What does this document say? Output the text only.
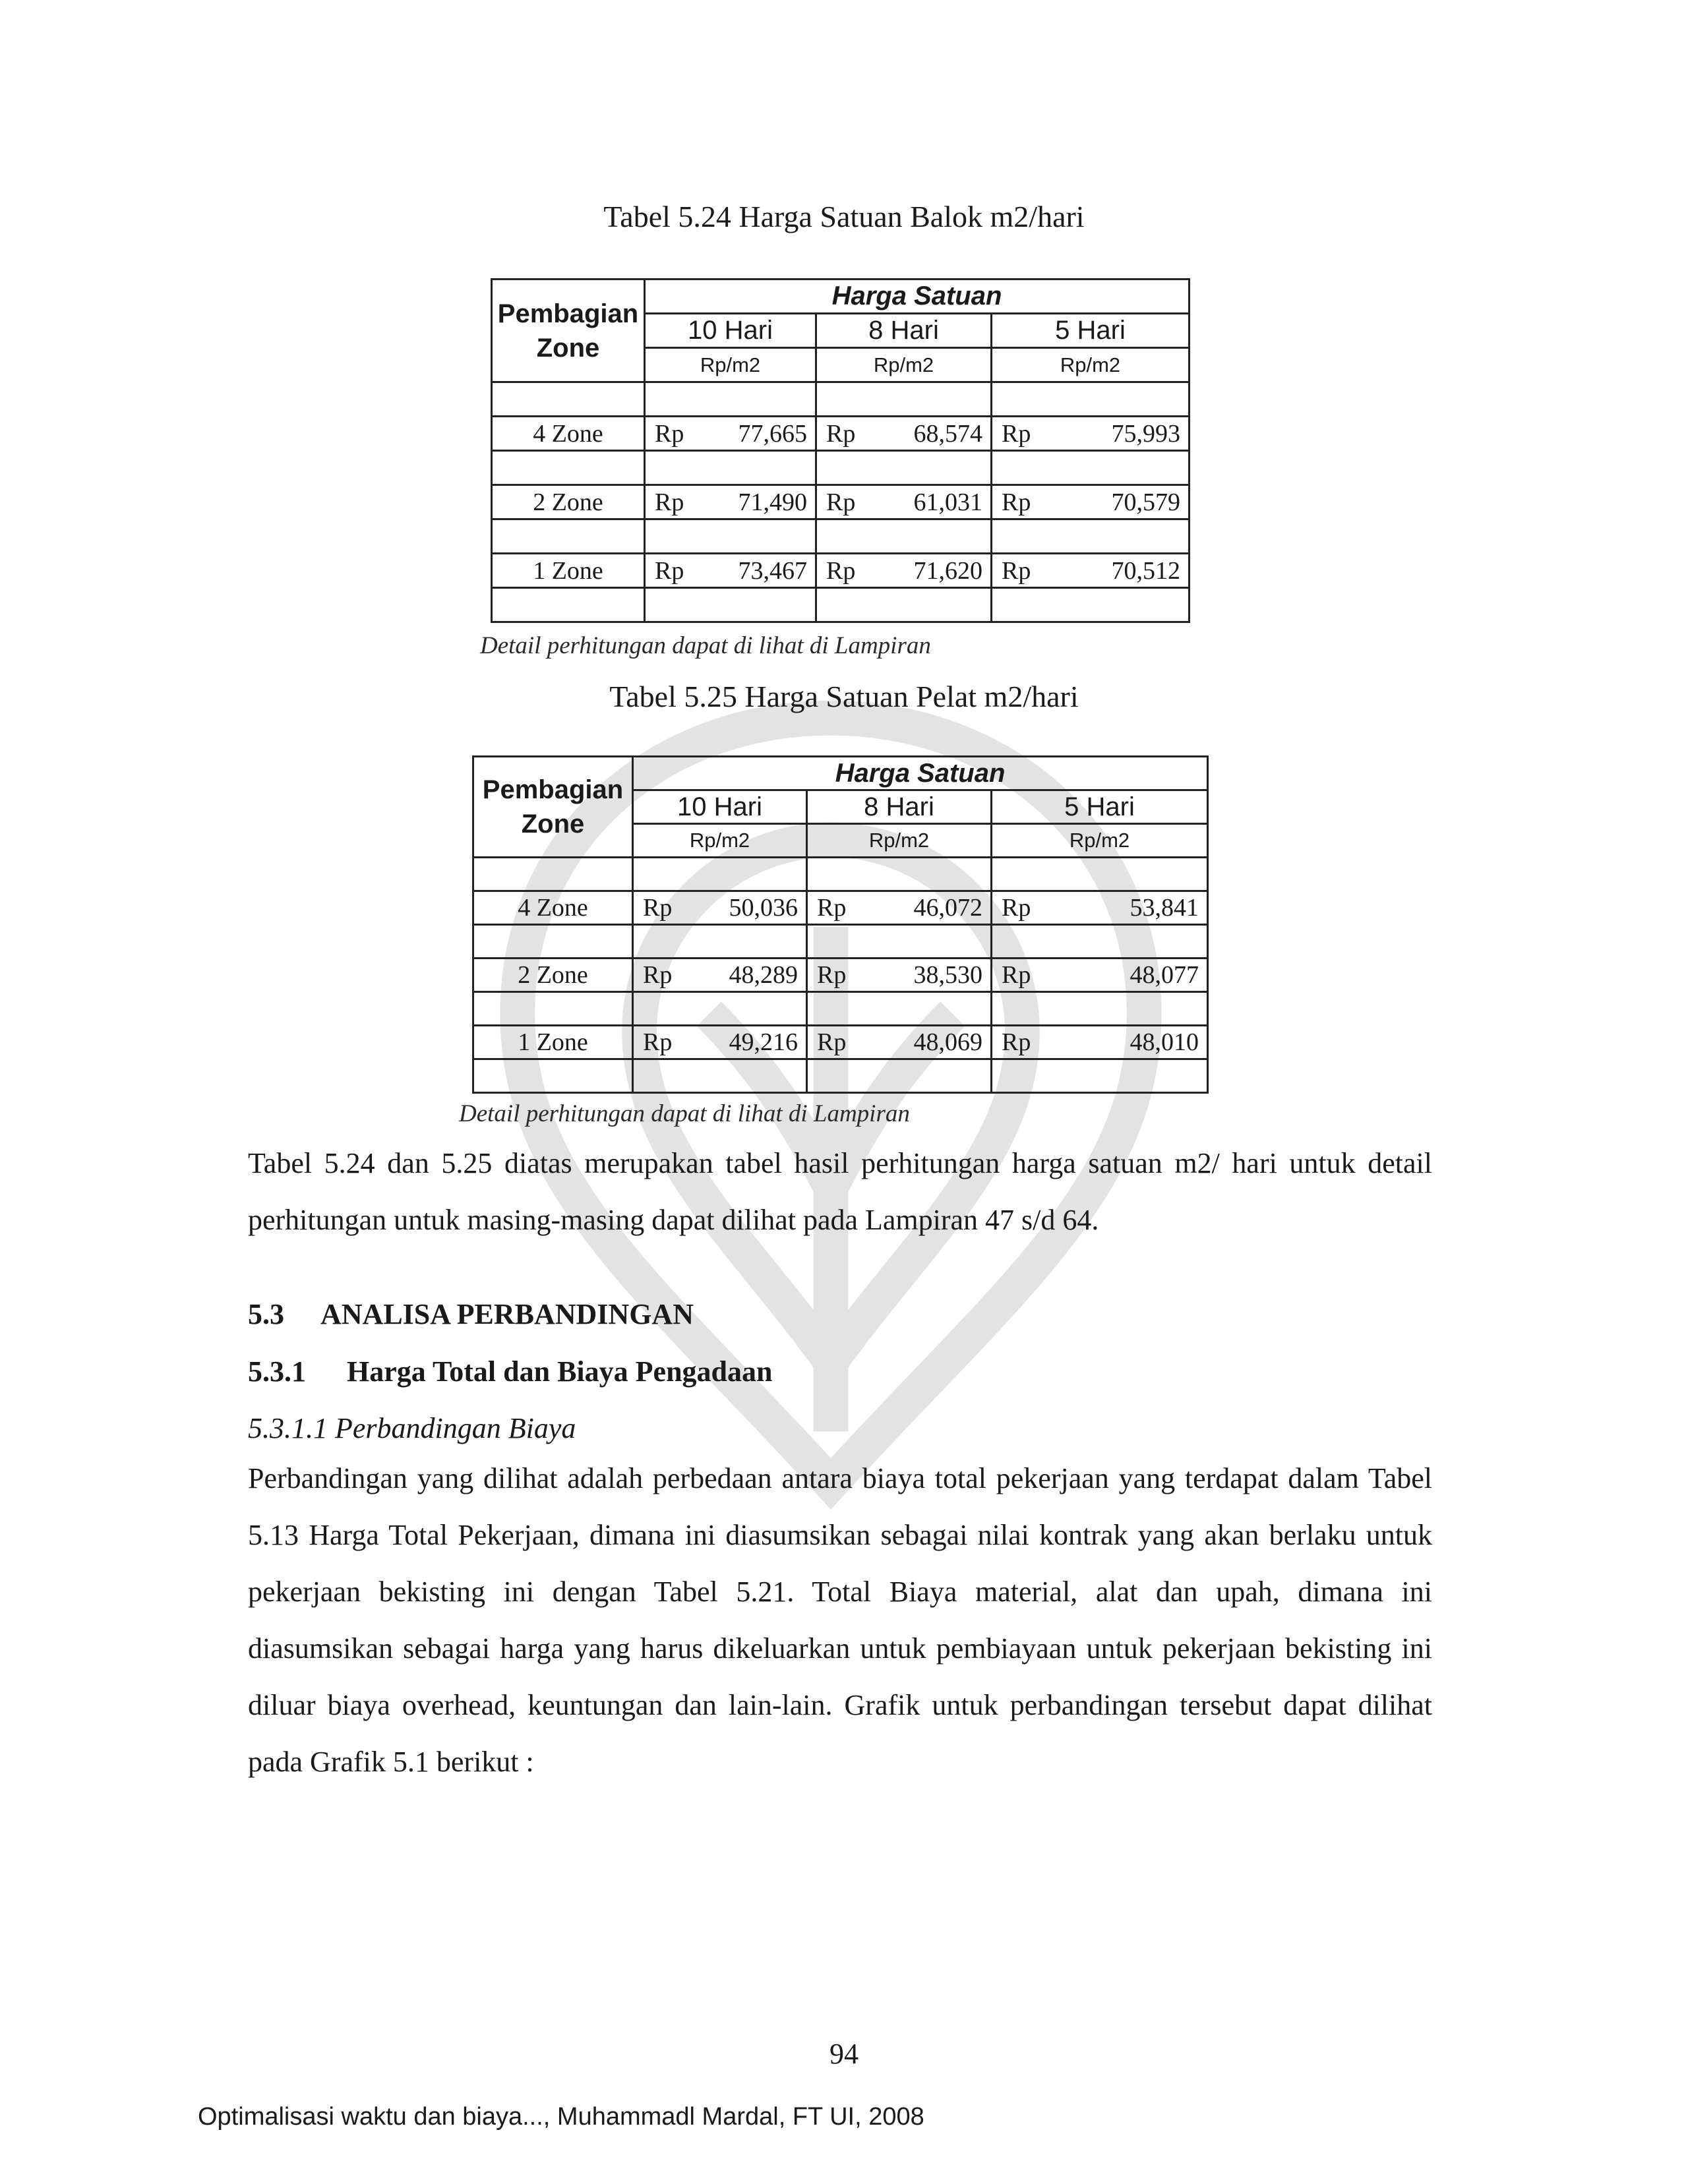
Tabel 5.24 Harga Satuan Balok m2/hari
Pembagian Zone	Harga Satuan		
	10 Hari	8 Hari	5 Hari
	Rp/m2	Rp/m2	Rp/m2

4 Zone	Rp 77,665	Rp 68,574	Rp 75,993

2 Zone	Rp 71,490	Rp 61,031	Rp 70,579

1 Zone	Rp 73,467	Rp 71,620	Rp 70,512

Detail perhitungan dapat di lihat di Lampiran
Tabel 5.25 Harga Satuan Pelat m2/hari
Pembagian Zone	Harga Satuan		
	10 Hari	8 Hari	5 Hari
	Rp/m2	Rp/m2	Rp/m2

4 Zone	Rp 50,036	Rp 46,072	Rp 53,841

2 Zone	Rp 48,289	Rp 38,530	Rp 48,077

1 Zone	Rp 49,216	Rp 48,069	Rp 48,010

Detail perhitungan dapat di lihat di Lampiran
Tabel 5.24 dan 5.25 diatas merupakan tabel hasil perhitungan harga satuan m2/ hari untuk detail perhitungan untuk masing-masing dapat dilihat pada Lampiran 47 s/d 64.
5.3 ANALISA PERBANDINGAN
5.3.1 Harga Total dan Biaya Pengadaan
5.3.1.1 Perbandingan Biaya
Perbandingan yang dilihat adalah perbedaan antara biaya total pekerjaan yang terdapat dalam Tabel 5.13 Harga Total Pekerjaan, dimana ini diasumsikan sebagai nilai kontrak yang akan berlaku untuk pekerjaan bekisting ini dengan Tabel 5.21. Total Biaya material, alat dan upah, dimana ini diasumsikan sebagai harga yang harus dikeluarkan untuk pembiayaan untuk pekerjaan bekisting ini diluar biaya overhead, keuntungan dan lain-lain. Grafik untuk perbandingan tersebut dapat dilihat pada Grafik 5.1 berikut :
94
Optimalisasi waktu dan biaya..., Muhammadl Mardal, FT UI, 2008
